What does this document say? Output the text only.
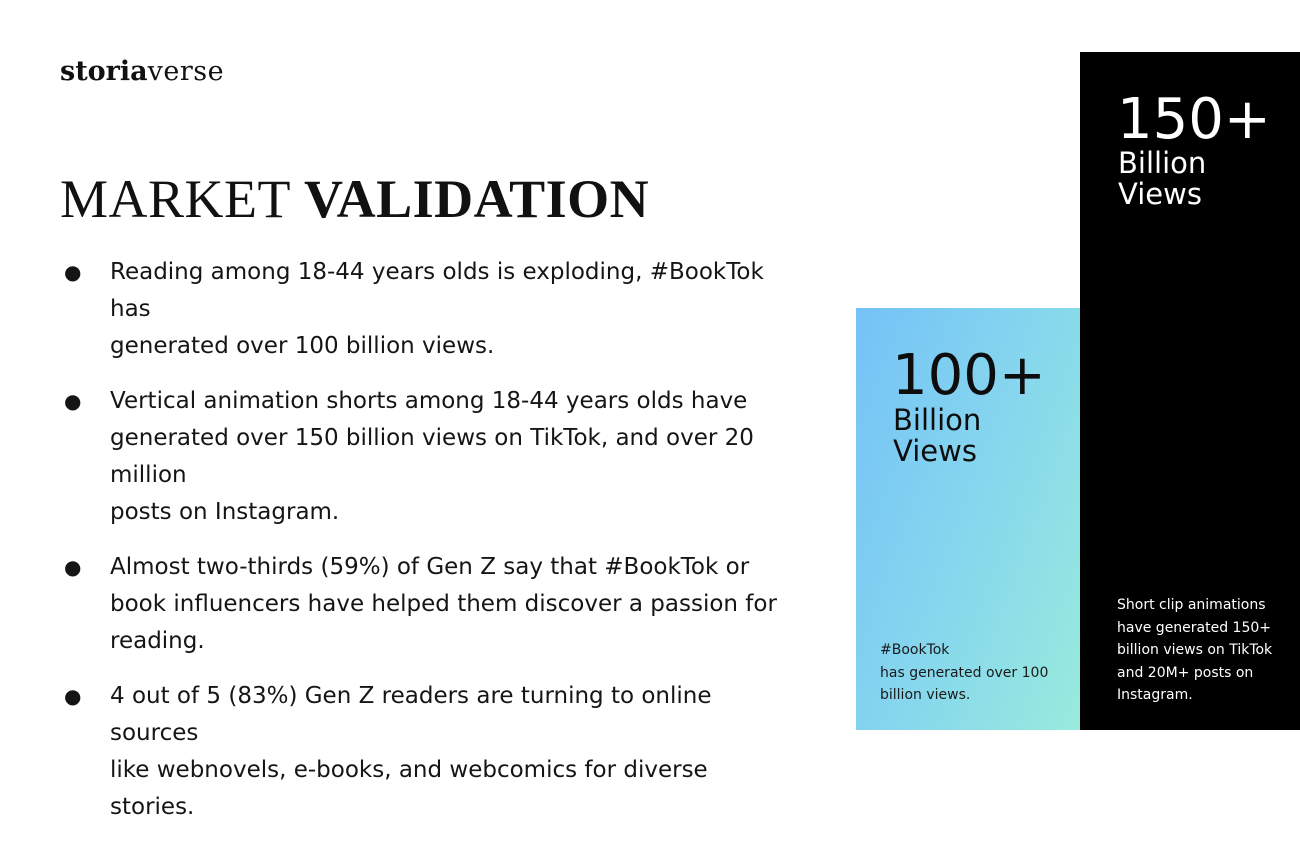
storiaverse
MARKET VALIDATION
● Reading among 18-44 years olds is exploding, #BookTok has
generated over 100 billion views.
● Vertical animation shorts among 18-44 years olds have
generated over 150 billion views on TikTok, and over 20 million
posts on Instagram.
● Almost two-thirds (59%) of Gen Z say that #BookTok or
book influencers have helped them discover a passion for
reading.
● 4 out of 5 (83%) Gen Z readers are turning to online sources
like webnovels, e-books, and webcomics for diverse stories.
100+
Billion
Views
#BookTok
has generated over 100
billion views.
150+
Billion
Views
Short clip animations
have generated 150+
billion views on TikTok
and 20M+ posts on
Instagram.
